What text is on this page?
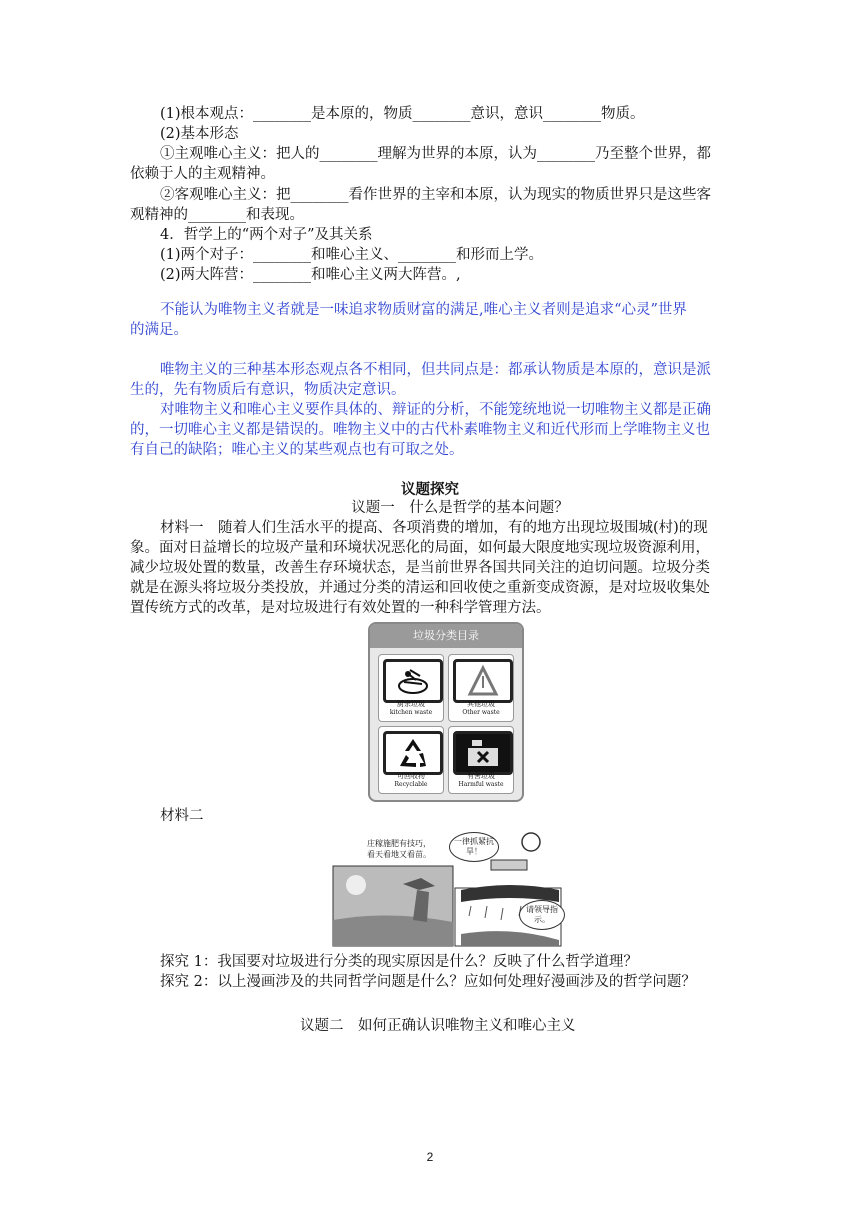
(1)根本观点：________是本原的，物质________意识，意识________物质。
(2)基本形态
①主观唯心主义：把人的________理解为世界的本原，认为________乃至整个世界，都
依赖于人的主观精神。
②客观唯心主义：把________看作世界的主宰和本原，认为现实的物质世界只是这些客
观精神的________和表现。
4．哲学上的“两个对子”及其关系
(1)两个对子：________和唯心主义、________和形而上学。
(2)两大阵营：________和唯心主义两大阵营。,
不能认为唯物主义者就是一味追求物质财富的满足,唯心主义者则是追求“心灵”世界
的满足。
唯物主义的三种基本形态观点各不相同，但共同点是：都承认物质是本原的，意识是派
生的，先有物质后有意识，物质决定意识。
对唯物主义和唯心主义要作具体的、辩证的分析，不能笼统地说一切唯物主义都是正确
的，一切唯心主义都是错误的。唯物主义中的古代朴素唯物主义和近代形而上学唯物主义也
有自己的缺陷；唯心主义的某些观点也有可取之处。
议题探究
议题一　什么是哲学的基本问题？
材料一　随着人们生活水平的提高、各项消费的增加，有的地方出现垃圾围城(村)的现
象。面对日益增长的垃圾产量和环境状况恶化的局面，如何最大限度地实现垃圾资源利用，
减少垃圾处置的数量，改善生存环境状态，是当前世界各国共同关注的迫切问题。垃圾分类
就是在源头将垃圾分类投放，并通过分类的清运和回收使之重新变成资源，是对垃圾收集处
置传统方式的改革，是对垃圾进行有效处置的一种科学管理方法。
垃圾分类目录
厨余垃圾
kitchen waste
其他垃圾
Other waste
可回收物
Recyclable
有害垃圾
Harmful waste
材料二
庄稼施肥有技巧，
看天看地又看苗。
一律抓紧抗旱！
请领导指示。
探究 1：我国要对垃圾进行分类的现实原因是什么？反映了什么哲学道理？
探究 2：以上漫画涉及的共同哲学问题是什么？应如何处理好漫画涉及的哲学问题？
议题二　如何正确认识唯物主义和唯心主义
2
